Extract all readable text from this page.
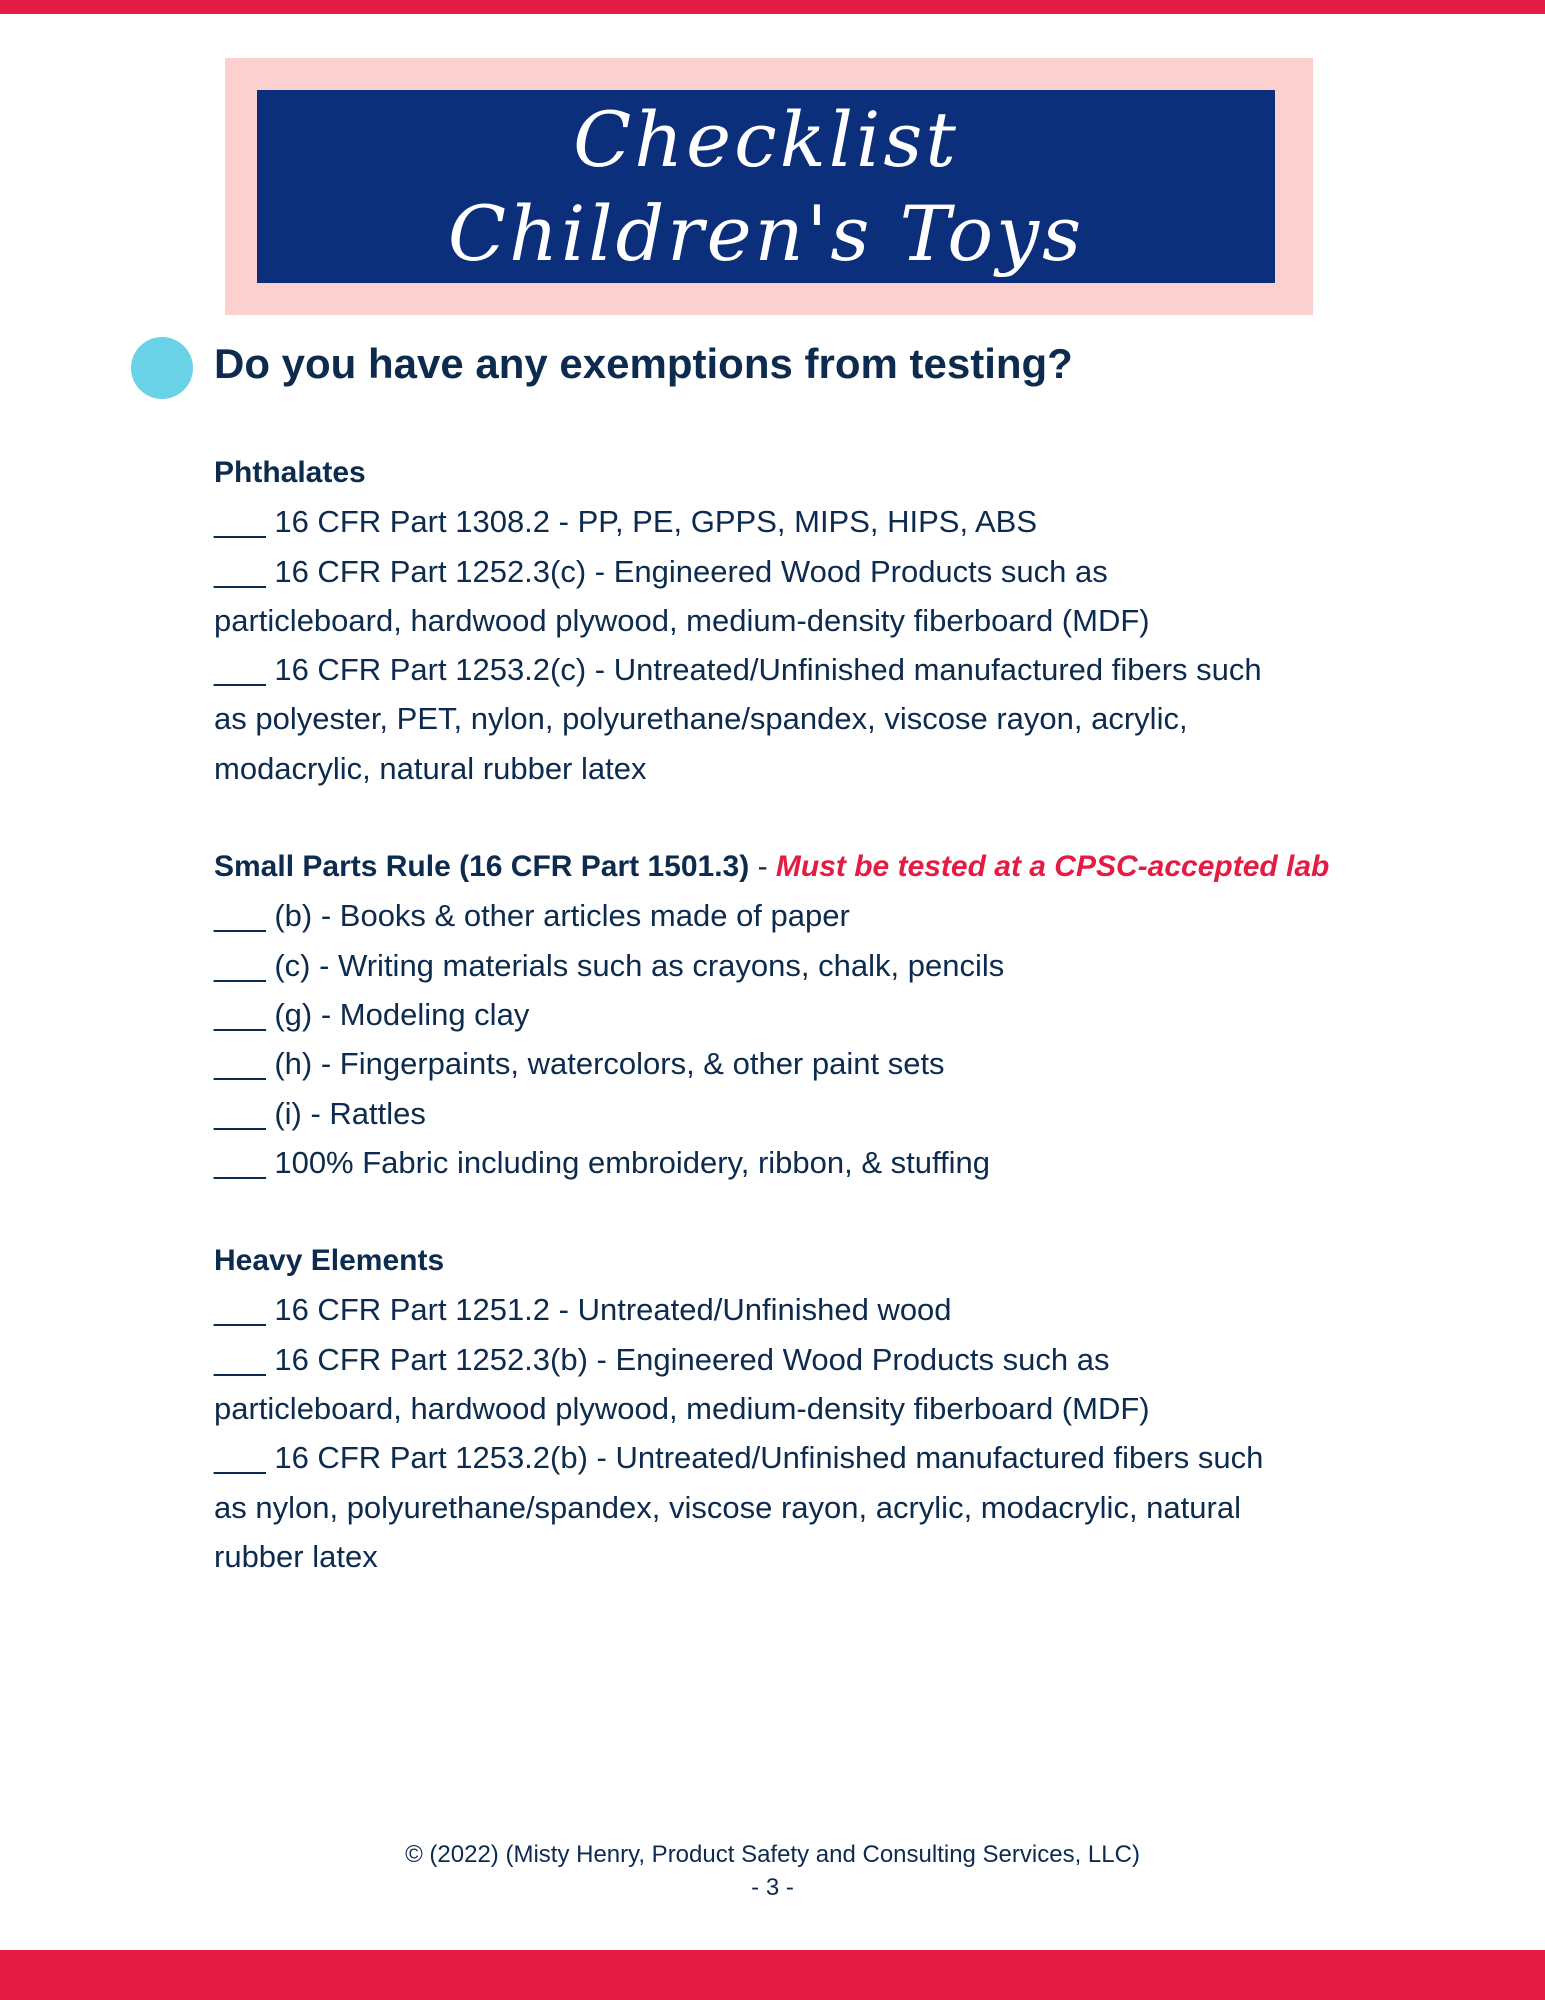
Checklist
Children's Toys
Do you have any exemptions from testing?
Phthalates
___ 16 CFR Part 1308.2 - PP, PE, GPPS, MIPS, HIPS, ABS
___ 16 CFR Part 1252.3(c) - Engineered Wood Products such as
particleboard, hardwood plywood, medium-density fiberboard (MDF)
___ 16 CFR Part 1253.2(c) - Untreated/Unfinished manufactured fibers such
as polyester, PET, nylon, polyurethane/spandex, viscose rayon, acrylic,
modacrylic, natural rubber latex
Small Parts Rule (16 CFR Part 1501.3) - Must be tested at a CPSC-accepted lab
___ (b) - Books & other articles made of paper
___ (c) - Writing materials such as crayons, chalk, pencils
___ (g) - Modeling clay
___ (h) - Fingerpaints, watercolors, & other paint sets
___ (i) - Rattles
___ 100% Fabric including embroidery, ribbon, & stuffing
Heavy Elements
___ 16 CFR Part 1251.2 - Untreated/Unfinished wood
___ 16 CFR Part 1252.3(b) - Engineered Wood Products such as
particleboard, hardwood plywood, medium-density fiberboard (MDF)
___ 16 CFR Part 1253.2(b) - Untreated/Unfinished manufactured fibers such
as nylon, polyurethane/spandex, viscose rayon, acrylic, modacrylic, natural
rubber latex
© (2022) (Misty Henry, Product Safety and Consulting Services, LLC)
- 3 -
